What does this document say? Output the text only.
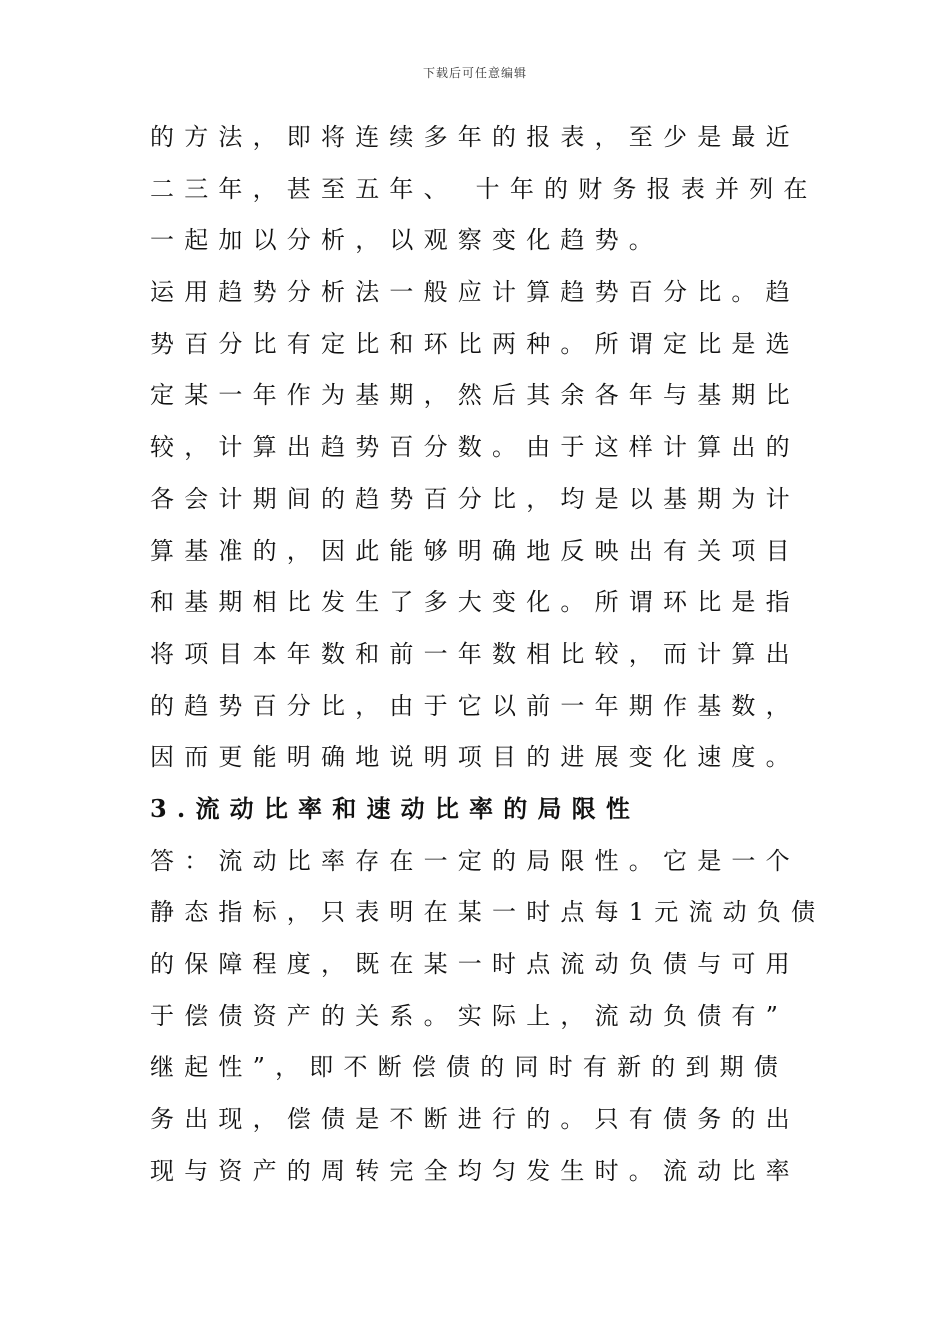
下载后可任意编辑
的方法，即将连续多年的报表，至少是最近
二三年，甚至五年、 十年的财务报表并列在
一起加以分析，以观察变化趋势。
运用趋势分析法一般应计算趋势百分比。趋
势百分比有定比和环比两种。所谓定比是选
定某一年作为基期，然后其余各年与基期比
较，计算出趋势百分数。由于这样计算出的
各会计期间的趋势百分比，均是以基期为计
算基准的，因此能够明确地反映出有关项目
和基期相比发生了多大变化。所谓环比是指
将项目本年数和前一年数相比较，而计算出
的趋势百分比，由于它以前一年期作基数，
因而更能明确地说明项目的进展变化速度。
3.流动比率和速动比率的局限性
答：流动比率存在一定的局限性。它是一个
静态指标，只表明在某一时点每1元流动负债
的保障程度，既在某一时点流动负债与可用
于偿债资产的关系。实际上，流动负债有”
继起性”，即不断偿债的同时有新的到期债
务出现，偿债是不断进行的。只有债务的出
现与资产的周转完全均匀发生时。流动比率
